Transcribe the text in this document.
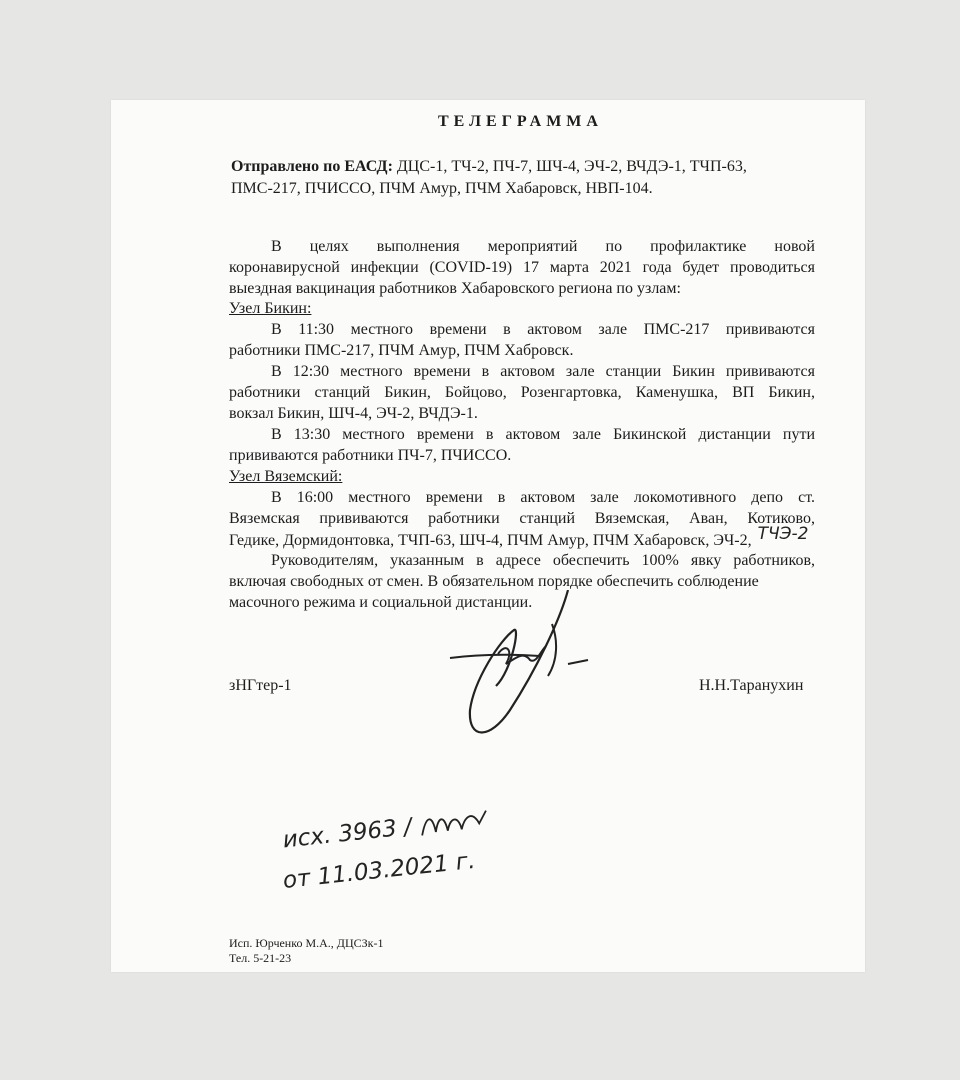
ТЕЛЕГРАММА
Отправлено по ЕАСД: ДЦС-1, ТЧ-2, ПЧ-7, ШЧ-4, ЭЧ-2, ВЧДЭ-1, ТЧП-63,
ПМС-217, ПЧИССО, ПЧМ Амур, ПЧМ Хабаровск, НВП-104.
В целях выполнения мероприятий по профилактике новой
коронавирусной инфекции (COVID-19) 17 марта 2021 года будет проводиться
выездная вакцинация работников Хабаровского региона по узлам:
Узел Бикин:
В 11:30 местного времени в актовом зале ПМС-217 прививаются
работники ПМС-217, ПЧМ Амур, ПЧМ Хабровск.
В 12:30 местного времени в актовом зале станции Бикин прививаются
работники станций Бикин, Бойцово, Розенгартовка, Каменушка, ВП Бикин,
вокзал Бикин, ШЧ-4, ЭЧ-2, ВЧДЭ-1.
В 13:30 местного времени в актовом зале Бикинской дистанции пути
прививаются работники ПЧ-7, ПЧИССО.
Узел Вяземский:
В 16:00 местного времени в актовом зале локомотивного депо ст.
Вяземская прививаются работники станций Вяземская, Аван, Котиково,
Гедике, Дормидонтовка, ТЧП-63, ШЧ-4, ПЧМ Амур, ПЧМ Хабаровск, ЭЧ-2, ТЧЭ-2
Руководителям, указанным в адресе обеспечить 100% явку работников,
включая свободных от смен. В обязательном порядке обеспечить соблюдение
масочного режима и социальной дистанции.
зНГтер-1	Н.Н.Таранухин
исх. 3963 /
от 11.03.2021 г.
Исп. Юрченко М.А., ДЦСЗк-1
Тел. 5-21-23
